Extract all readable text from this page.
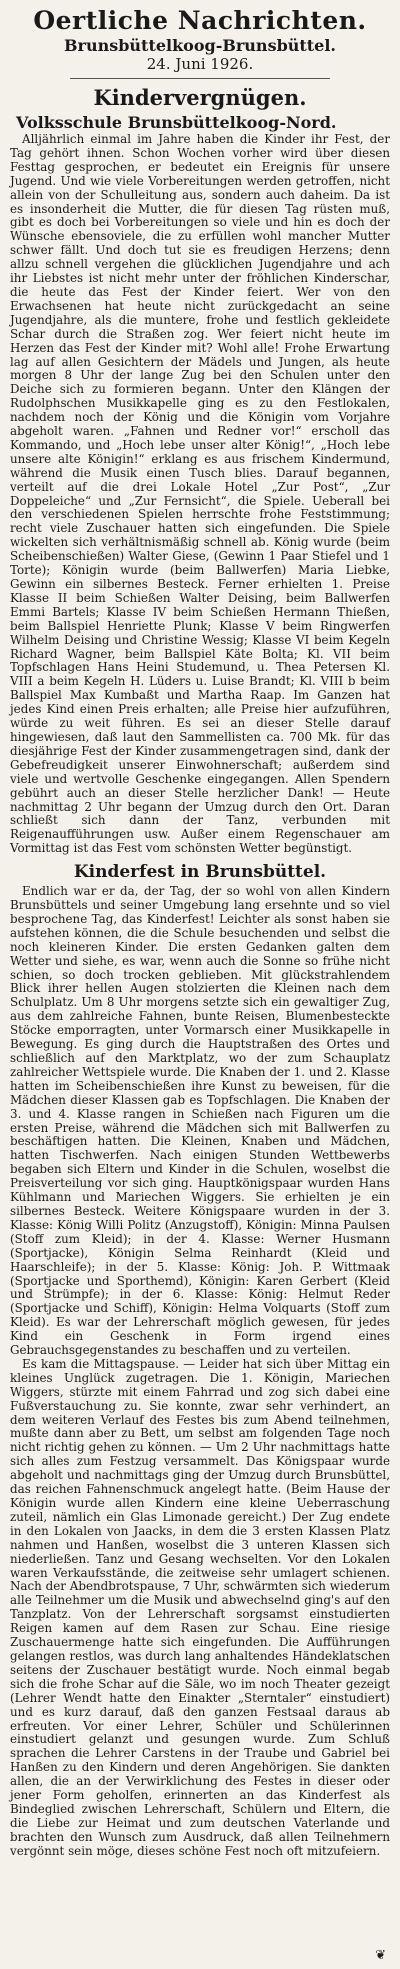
Oertliche Nachrichten.
Brunsbüttelkoog-Brunsbüttel.
24. Juni 1926.
Kindervergnügen.
Volksschule Brunsbüttelkoog-Nord.

Alljährlich einmal im Jahre haben die Kinder ihr Fest, der Tag gehört ihnen. Schon Wochen vorher wird über diesen Festtag gesprochen, er bedeutet ein Ereignis für unsere Jugend. Und wie viele Vorbereitungen werden getroffen, nicht allein von der Schulleitung aus, sondern auch daheim. Da ist es insonderheit die Mutter, die für diesen Tag rüsten muß, gibt es doch bei Vorbereitungen so viele und hin es doch der Wünsche ebensoviele, die zu erfüllen wohl mancher Mutter schwer fällt. Und doch tut sie es freudigen Herzens; denn allzu schnell vergehen die glücklichen Jugendjahre und ach ihr Liebstes ist nicht mehr unter der fröhlichen Kinderschar, die heute das Fest der Kinder feiert. Wer von den Erwachsenen hat heute nicht zurückgedacht an seine Jugendjahre, als die muntere, frohe und festlich gekleidete Schar durch die Straßen zog. Wer feiert nicht heute im Herzen das Fest der Kinder mit? Wohl alle! Frohe Erwartung lag auf allen Gesichtern der Mädels und Jungen, als heute morgen 8 Uhr der lange Zug bei den Schulen unter den Deiche sich zu formieren begann. Unter den Klängen der Rudolphschen Musikkapelle ging es zu den Festlokalen, nachdem noch der König und die Königin vom Vorjahre abgeholt waren. „Fahnen und Redner vor!“ erscholl das Kommando, und „Hoch lebe unser alter König!“, „Hoch lebe unsere alte Königin!“ erklang es aus frischem Kindermund, während die Musik einen Tusch blies. Darauf begannen, verteilt auf die drei Lokale Hotel „Zur Post“, „Zur Doppeleiche“ und „Zur Fernsicht“, die Spiele. Ueberall bei den verschiedenen Spielen herrschte frohe Feststimmung; recht viele Zuschauer hatten sich eingefunden. Die Spiele wickelten sich verhältnismäßig schnell ab. König wurde (beim Scheibenschießen) Walter Giese, (Gewinn 1 Paar Stiefel und 1 Torte); Königin wurde (beim Ballwerfen) Maria Liebke, Gewinn ein silbernes Besteck. Ferner erhielten 1. Preise Klasse II beim Schießen Walter Deising, beim Ballwerfen Emmi Bartels; Klasse IV beim Schießen Hermann Thießen, beim Ballspiel Henriette Plunk; Klasse V beim Ringwerfen Wilhelm Deising und Christine Wessig; Klasse VI beim Kegeln Richard Wagner, beim Ballspiel Käte Bolta; Kl. VII beim Topfschlagen Hans Heini Studemund, u. Thea Petersen Kl. VIII a beim Kegeln H. Lüders u. Luise Brandt; Kl. VIII b beim Ballspiel Max Kumbaßt und Martha Raap. Im Ganzen hat jedes Kind einen Preis erhalten; alle Preise hier aufzuführen, würde zu weit führen. Es sei an dieser Stelle darauf hingewiesen, daß laut den Sammellisten ca. 700 Mk. für das diesjährige Fest der Kinder zusammengetragen sind, dank der Gebefreudigkeit unserer Einwohnerschaft; außerdem sind viele und wertvolle Geschenke eingegangen. Allen Spendern gebührt auch an dieser Stelle herzlicher Dank! — Heute nachmittag 2 Uhr begann der Umzug durch den Ort. Daran schließt sich dann der Tanz, verbunden mit Reigenaufführungen usw. Außer einem Regenschauer am Vormittag ist das Fest vom schönsten Wetter begünstigt.

Kinderfest in Brunsbüttel.

Endlich war er da, der Tag, der so wohl von allen Kindern Brunsbüttels und seiner Umgebung lang ersehnte und so viel besprochene Tag, das Kinderfest! Leichter als sonst haben sie aufstehen können, die die Schule besuchenden und selbst die noch kleineren Kinder. Die ersten Gedanken galten dem Wetter und siehe, es war, wenn auch die Sonne so frühe nicht schien, so doch trocken geblieben. Mit glückstrahlendem Blick ihrer hellen Augen stolzierten die Kleinen nach dem Schulplatz. Um 8 Uhr morgens setzte sich ein gewaltiger Zug, aus dem zahlreiche Fahnen, bunte Reisen, Blumenbesteckte Stöcke emporragten, unter Vormarsch einer Musikkapelle in Bewegung. Es ging durch die Hauptstraßen des Ortes und schließlich auf den Marktplatz, wo der zum Schauplatz zahlreicher Wettspiele wurde. Die Knaben der 1. und 2. Klasse hatten im Scheibenschießen ihre Kunst zu beweisen, für die Mädchen dieser Klassen gab es Topfschlagen. Die Knaben der 3. und 4. Klasse rangen in Schießen nach Figuren um die ersten Preise, während die Mädchen sich mit Ballwerfen zu beschäftigen hatten. Die Kleinen, Knaben und Mädchen, hatten Tischwerfen. Nach einigen Stunden Wettbewerbs begaben sich Eltern und Kinder in die Schulen, woselbst die Preisverteilung vor sich ging. Hauptkönigspaar wurden Hans Kühlmann und Mariechen Wiggers. Sie erhielten je ein silbernes Besteck. Weitere Königspaare wurden in der 3. Klasse: König Willi Politz (Anzugstoff), Königin: Minna Paulsen (Stoff zum Kleid); in der 4. Klasse: Werner Husmann (Sportjacke), Königin Selma Reinhardt (Kleid und Haarschleife); in der 5. Klasse: König: Joh. P. Wittmaak (Sportjacke und Sporthemd), Königin: Karen Gerbert (Kleid und Strümpfe); in der 6. Klasse: König: Helmut Reder (Sportjacke und Schiff), Königin: Helma Volquarts (Stoff zum Kleid). Es war der Lehrerschaft möglich gewesen, für jedes Kind ein Geschenk in Form irgend eines Gebrauchsgegenstandes zu beschaffen und zu verteilen.

Es kam die Mittagspause. — Leider hat sich über Mittag ein kleines Unglück zugetragen. Die 1. Königin, Mariechen Wiggers, stürzte mit einem Fahrrad und zog sich dabei eine Fußverstauchung zu. Sie konnte, zwar sehr verhindert, an dem weiteren Verlauf des Festes bis zum Abend teilnehmen, mußte dann aber zu Bett, um selbst am folgenden Tage noch nicht richtig gehen zu können. — Um 2 Uhr nachmittags hatte sich alles zum Festzug versammelt. Das Königspaar wurde abgeholt und nachmittags ging der Umzug durch Brunsbüttel, das reichen Fahnenschmuck angelegt hatte. (Beim Hause der Königin wurde allen Kindern eine kleine Ueberraschung zuteil, nämlich ein Glas Limonade gereicht.) Der Zug endete in den Lokalen von Jaacks, in dem die 3 ersten Klassen Platz nahmen und Hanßen, woselbst die 3 unteren Klassen sich niederließen. Tanz und Gesang wechselten. Vor den Lokalen waren Verkaufsstände, die zeitweise sehr umlagert schienen. Nach der Abendbrotspause, 7 Uhr, schwärmten sich wiederum alle Teilnehmer um die Musik und abwechselnd ging's auf den Tanzplatz. Von der Lehrerschaft sorgsamst einstudierten Reigen kamen auf dem Rasen zur Schau. Eine riesige Zuschauermenge hatte sich eingefunden. Die Aufführungen gelangen restlos, was durch lang anhaltendes Händeklatschen seitens der Zuschauer bestätigt wurde. Noch einmal begab sich die frohe Schar auf die Säle, wo im noch Theater gezeigt (Lehrer Wendt hatte den Einakter „Sterntaler“ einstudiert) und es kurz darauf, daß den ganzen Festsaal daraus ab erfreuten. Vor einer Lehrer, Schüler und Schülerinnen einstudiert gelanzt und gesungen wurde. Zum Schluß sprachen die Lehrer Carstens in der Traube und Gabriel bei Hanßen zu den Kindern und deren Angehörigen. Sie dankten allen, die an der Verwirklichung des Festes in dieser oder jener Form geholfen, erinnerten an das Kinderfest als Bindeglied zwischen Lehrerschaft, Schülern und Eltern, die die Liebe zur Heimat und zum deutschen Vaterlande und brachten den Wunsch zum Ausdruck, daß allen Teilnehmern vergönnt sein möge, dieses schöne Fest noch oft mitzufeiern.

❦
